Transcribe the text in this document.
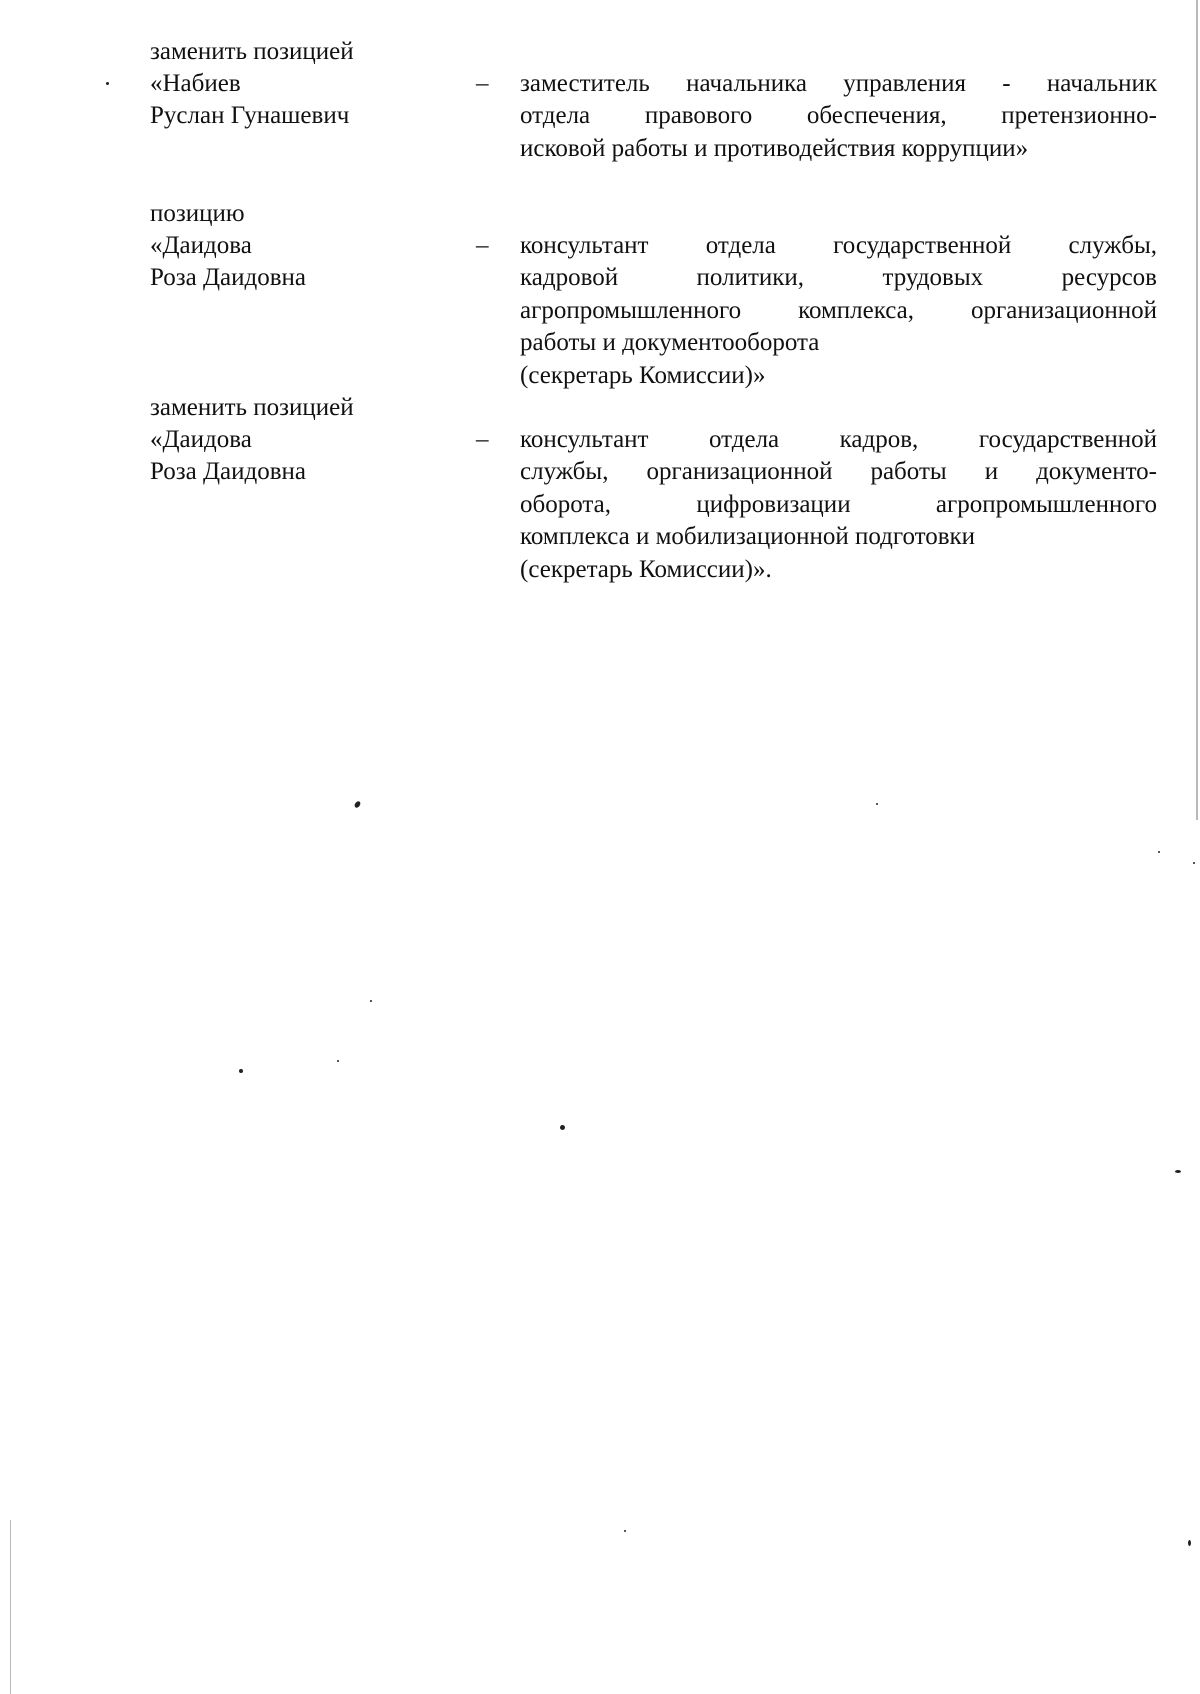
заменить позицией
«Набиев
Руслан Гунашевич
– заместитель начальника управления - начальник
отдела правового обеспечения, претензионно-
исковой работы и противодействия коррупции»
позицию
«Даидова
Роза Даидовна
– консультант отдела государственной службы,
кадровой политики, трудовых ресурсов
агропромышленного комплекса, организационной
работы и документооборота
(секретарь Комиссии)»
заменить позицией
«Даидова
Роза Даидовна
– консультант отдела кадров, государственной
службы, организационной работы и документо-
оборота, цифровизации агропромышленного
комплекса и мобилизационной подготовки
(секретарь Комиссии)».
